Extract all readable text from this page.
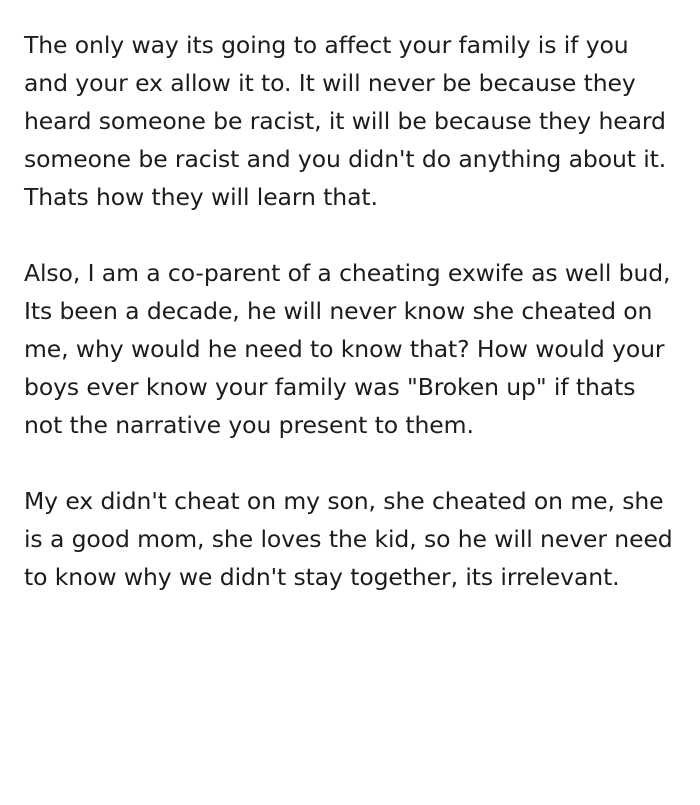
The only way its going to affect your family is if you and your ex allow it to. It will never be because they heard someone be racist, it will be because they heard someone be racist and you didn't do anything about it. Thats how they will learn that.

Also, I am a co-parent of a cheating exwife as well bud, Its been a decade, he will never know she cheated on me, why would he need to know that? How would your boys ever know your family was "Broken up" if thats not the narrative you present to them.

My ex didn't cheat on my son, she cheated on me, she is a good mom, she loves the kid, so he will never need to know why we didn't stay together, its irrelevant.
